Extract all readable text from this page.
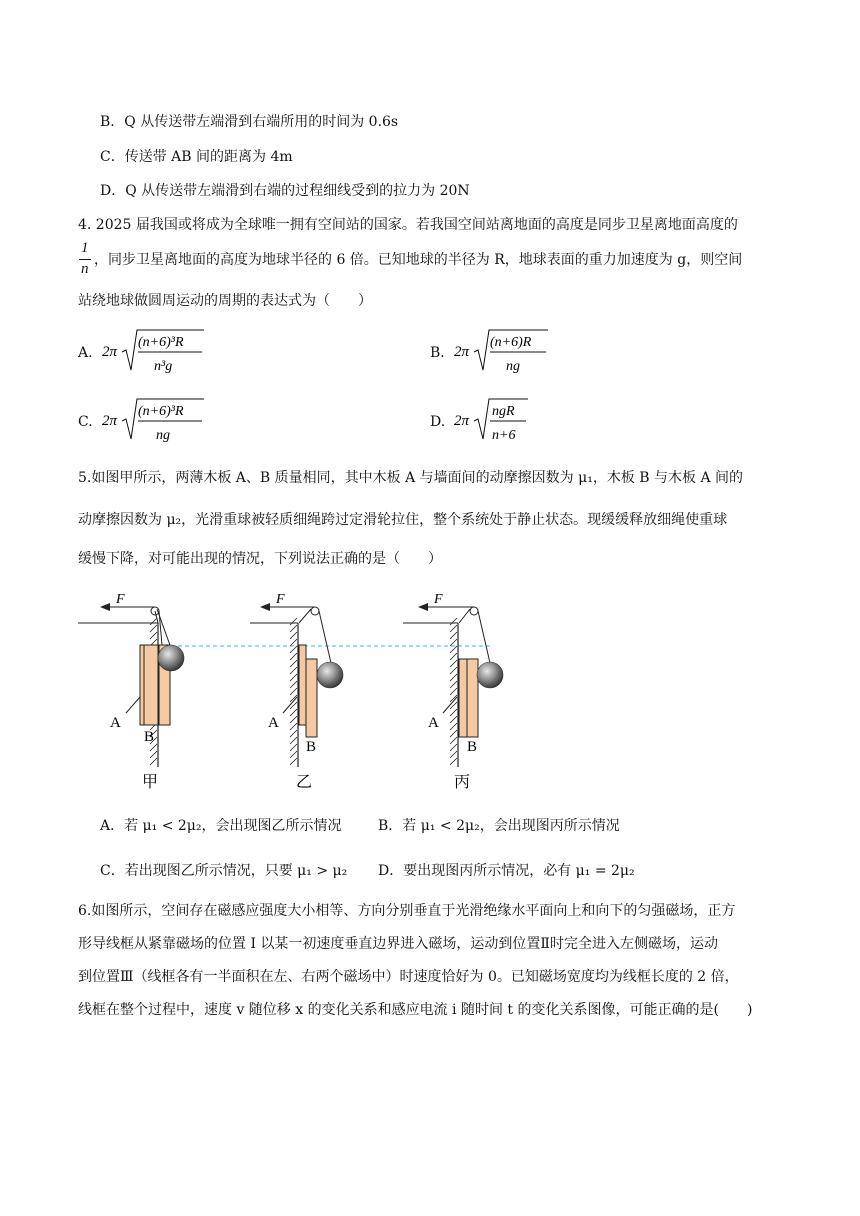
B．Q 从传送带左端滑到右端所用的时间为 0.6s
C．传送带 AB 间的距离为 4m
D．Q 从传送带左端滑到右端的过程细线受到的拉力为 20N
4. 2025 届我国或将成为全球唯一拥有空间站的国家。若我国空间站离地面的高度是同步卫星离地面高度的
1
n
，同步卫星离地面的高度为地球半径的 6 倍。已知地球的半径为 R，地球表面的重力加速度为 g，则空间
站绕地球做圆周运动的周期的表达式为（　　）
A. 2π
(n+6)³R
n³g
B. 2π
(n+6)R
ng
C. 2π
(n+6)³R
ng
D. 2π
ngR
n+6
5.如图甲所示，两薄木板 A、B 质量相同，其中木板 A 与墙面间的动摩擦因数为 μ₁，木板 B 与木板 A 间的
动摩擦因数为 μ₂，光滑重球被轻质细绳跨过定滑轮拉住，整个系统处于静止状态。现缓缓释放细绳使重球
缓慢下降，对可能出现的情况，下列说法正确的是（　　）
F
A
B
甲
F
A
B
乙
F
A
B
丙
A．若 μ₁ < 2μ₂，会出现图乙所示情况	B．若 μ₁ < 2μ₂，会出现图丙所示情况
C．若出现图乙所示情况，只要 μ₁ > μ₂ D．要出现图丙所示情况，必有 μ₁ = 2μ₂
6.如图所示，空间存在磁感应强度大小相等、方向分别垂直于光滑绝缘水平面向上和向下的匀强磁场，正方
形导线框从紧靠磁场的位置 Ⅰ 以某一初速度垂直边界进入磁场，运动到位置Ⅱ时完全进入左侧磁场，运动
到位置Ⅲ（线框各有一半面积在左、右两个磁场中）时速度恰好为 0。已知磁场宽度均为线框长度的 2 倍，
线框在整个过程中，速度 v 随位移 x 的变化关系和感应电流 i 随时间 t 的变化关系图像，可能正确的是(　　)
